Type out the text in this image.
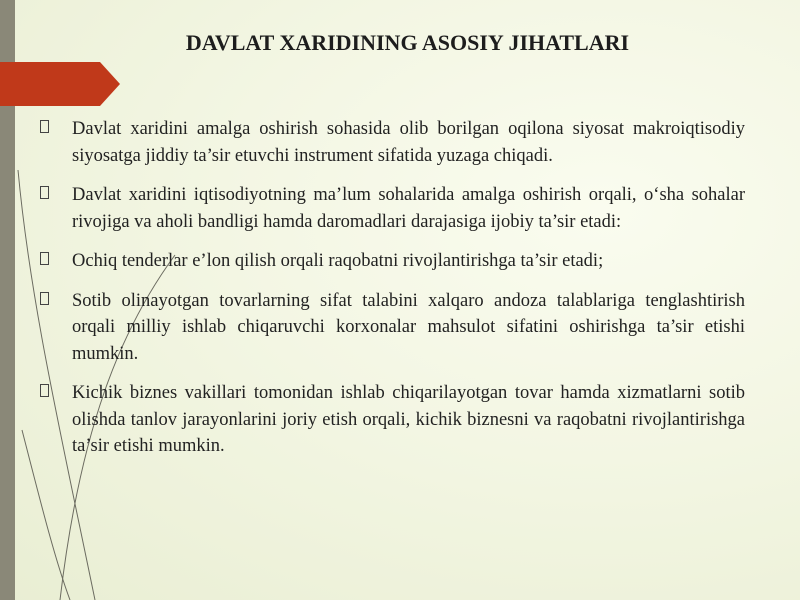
DAVLAT XARIDINING ASOSIY JIHATLARI
Davlat xaridini amalga oshirish sohasida olib borilgan oqilona siyosat makroiqtisodiy siyosatga jiddiy ta’sir etuvchi instrument sifatida yuzaga chiqadi.
Davlat xaridini iqtisodiyotning ma’lum sohalarida amalga oshirish orqali, o‘sha sohalar rivojiga va aholi bandligi hamda daromadlari darajasiga ijobiy ta’sir etadi:
Ochiq tenderlar e’lon qilish orqali raqobatni rivojlantirishga ta’sir etadi;
Sotib olinayotgan tovarlarning sifat talabini xalqaro andoza talablariga tenglashtirish orqali milliy ishlab chiqaruvchi korxonalar mahsulot sifatini oshirishga ta’sir etishi mumkin.
Kichik biznes vakillari tomonidan ishlab chiqarilayotgan tovar hamda xizmatlarni sotib olishda tanlov jarayonlarini joriy etish orqali, kichik biznesni va raqobatni rivojlantirishga ta’sir etishi mumkin.
